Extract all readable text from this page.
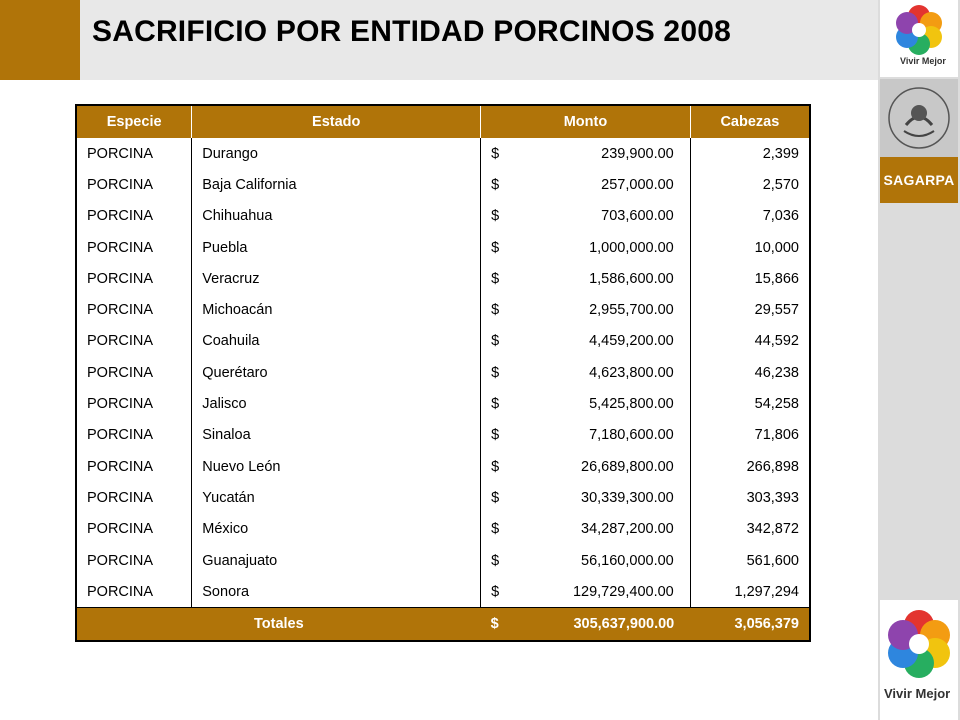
SACRIFICIO POR ENTIDAD PORCINOS 2008
Vivir Mejor
SAGARPA
Vivir Mejor
Especie	Estado	Monto	Cabezas
PORCINA	Durango	$ 239,900.00	2,399
PORCINA	Baja California	$ 257,000.00	2,570
PORCINA	Chihuahua	$ 703,600.00	7,036
PORCINA	Puebla	$ 1,000,000.00	10,000
PORCINA	Veracruz	$ 1,586,600.00	15,866
PORCINA	Michoacán	$ 2,955,700.00	29,557
PORCINA	Coahuila	$ 4,459,200.00	44,592
PORCINA	Querétaro	$ 4,623,800.00	46,238
PORCINA	Jalisco	$ 5,425,800.00	54,258
PORCINA	Sinaloa	$ 7,180,600.00	71,806
PORCINA	Nuevo León	$ 26,689,800.00	266,898
PORCINA	Yucatán	$ 30,339,300.00	303,393
PORCINA	México	$ 34,287,200.00	342,872
PORCINA	Guanajuato	$ 56,160,000.00	561,600
PORCINA	Sonora	$ 129,729,400.00	1,297,294
Totales		$ 305,637,900.00	3,056,379
